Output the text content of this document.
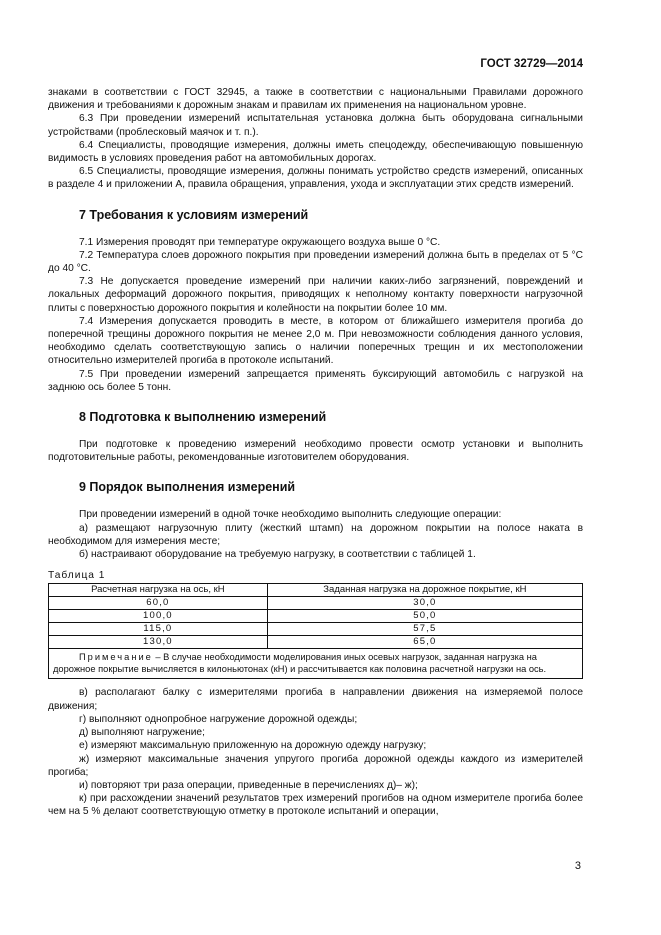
ГОСТ 32729—2014

знаками в соответствии с ГОСТ 32945, а также в соответствии с национальными Правилами дорожного движения и требованиями к дорожным знакам и правилам их применения на национальном уровне.

6.3 При проведении измерений испытательная установка должна быть оборудована сигнальными устройствами (проблесковый маячок и т. п.).

6.4 Специалисты, проводящие измерения, должны иметь спецодежду, обеспечивающую повышенную видимость в условиях проведения работ на автомобильных дорогах.

6.5 Специалисты, проводящие измерения, должны понимать устройство средств измерений, описанных в разделе 4 и приложении А, правила обращения, управления, ухода и эксплуатации этих средств измерений.

7 Требования к условиям измерений

7.1 Измерения проводят при температуре окружающего воздуха выше 0 °С.

7.2 Температура слоев дорожного покрытия при проведении измерений должна быть в пределах от 5 °С до 40 °С.

7.3 Не допускается проведение измерений при наличии каких-либо загрязнений, повреждений и локальных деформаций дорожного покрытия, приводящих к неполному контакту поверхности нагрузочной плиты с поверхностью дорожного покрытия и колейности на покрытии более 10 мм.

7.4 Измерения допускается проводить в месте, в котором от ближайшего измерителя прогиба до поперечной трещины дорожного покрытия не менее 2,0 м. При невозможности соблюдения данного условия, необходимо сделать соответствующую запись о наличии поперечных трещин и их местоположении относительно измерителей прогиба в протоколе испытаний.

7.5 При проведении измерений запрещается применять буксирующий автомобиль с нагрузкой на заднюю ось более 5 тонн.

8 Подготовка к выполнению измерений

При подготовке к проведению измерений необходимо провести осмотр установки и выполнить подготовительные работы, рекомендованные изготовителем оборудования.

9 Порядок выполнения измерений

При проведении измерений в одной точке необходимо выполнить следующие операции:

а) размещают нагрузочную плиту (жесткий штамп) на дорожном покрытии на полосе наката в необходимом для измерения месте;

б) настраивают оборудование на требуемую нагрузку, в соответствии с таблицей 1.

Таблица 1
Расчетная нагрузка на ось, кН	Заданная нагрузка на дорожное покрытие, кН
60,0	30,0
100,0	50,0
115,0	57,5
130,0	65,0
Примечание – В случае необходимости моделирования иных осевых нагрузок, заданная нагрузка на дорожное покрытие вычисляется в килоньютонах (кН) и рассчитывается как половина расчетной нагрузки на ось.	

в) располагают балку с измерителями прогиба в направлении движения на измеряемой полосе движения;

г) выполняют однопробное нагружение дорожной одежды;

д) выполняют нагружение;

е) измеряют максимальную приложенную на дорожную одежду нагрузку;

ж) измеряют максимальные значения упругого прогиба дорожной одежды каждого из измерителей прогиба;

и) повторяют три раза операции, приведенные в перечислениях д)– ж);

к) при расхождении значений результатов трех измерений прогибов на одном измерителе прогиба более чем на 5 % делают соответствующую отметку в протоколе испытаний и операции,

3
